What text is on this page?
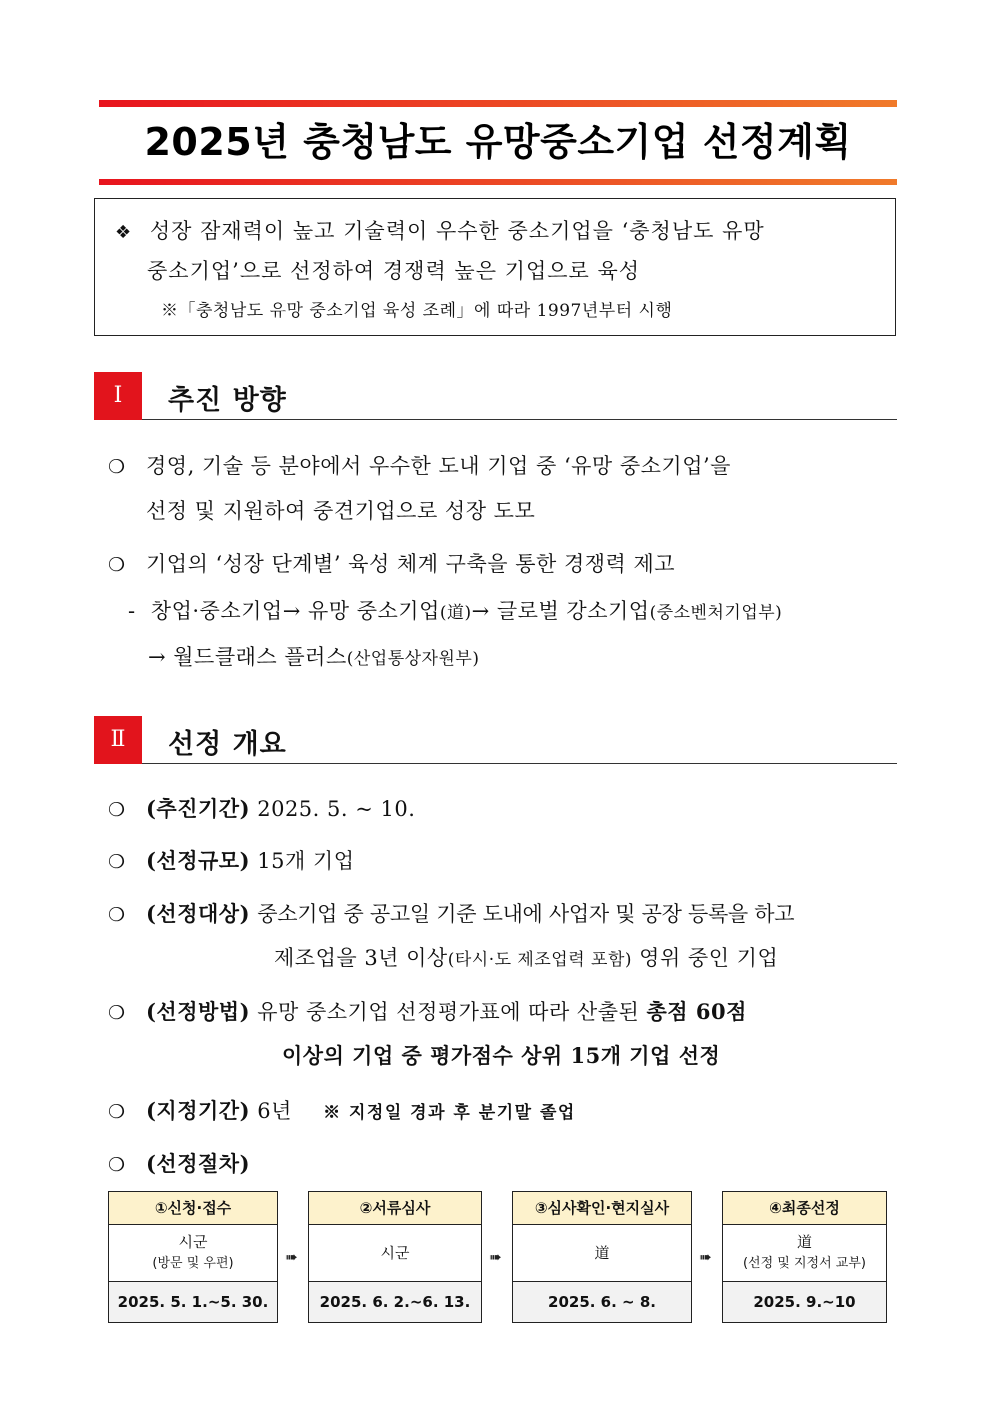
2025년 충청남도 유망중소기업 선정계획
❖ 성장 잠재력이 높고 기술력이 우수한 중소기업을 ‘충청남도 유망
중소기업’으로 선정하여 경쟁력 높은 기업으로 육성
※「충청남도 유망 중소기업 육성 조례」에 따라 1997년부터 시행
Ⅰ	추진 방향
❍ 경영, 기술 등 분야에서 우수한 도내 기업 중 ‘유망 중소기업’을
선정 및 지원하여 중견기업으로 성장 도모
❍ 기업의 ‘성장 단계별’ 육성 체계 구축을 통한 경쟁력 제고
- 창업·중소기업→ 유망 중소기업(道)→ 글로벌 강소기업(중소벤처기업부)
→ 월드클래스 플러스(산업통상자원부)
Ⅱ	선정 개요
❍ (추진기간) 2025. 5. ~ 10.
❍ (선정규모) 15개 기업
❍ (선정대상) 중소기업 중 공고일 기준 도내에 사업자 및 공장 등록을 하고
제조업을 3년 이상(타시·도 제조업력 포함) 영위 중인 기업
❍ (선정방법) 유망 중소기업 선정평가표에 따라 산출된 총점 60점
이상의 기업 중 평가점수 상위 15개 기업 선정
❍ (지정기간) 6년 ※ 지정일 경과 후 분기말 졸업
❍ (선정절차)
①신청·접수
시군
(방문 및 우편)
2025. 5. 1.~5. 30.
➠
②서류심사
시군
2025. 6. 2.~6. 13.
➠
③심사확인·현지실사
道
2025. 6. ~ 8.
➠
④최종선정
道
(선정 및 지정서 교부)
2025. 9.~10
